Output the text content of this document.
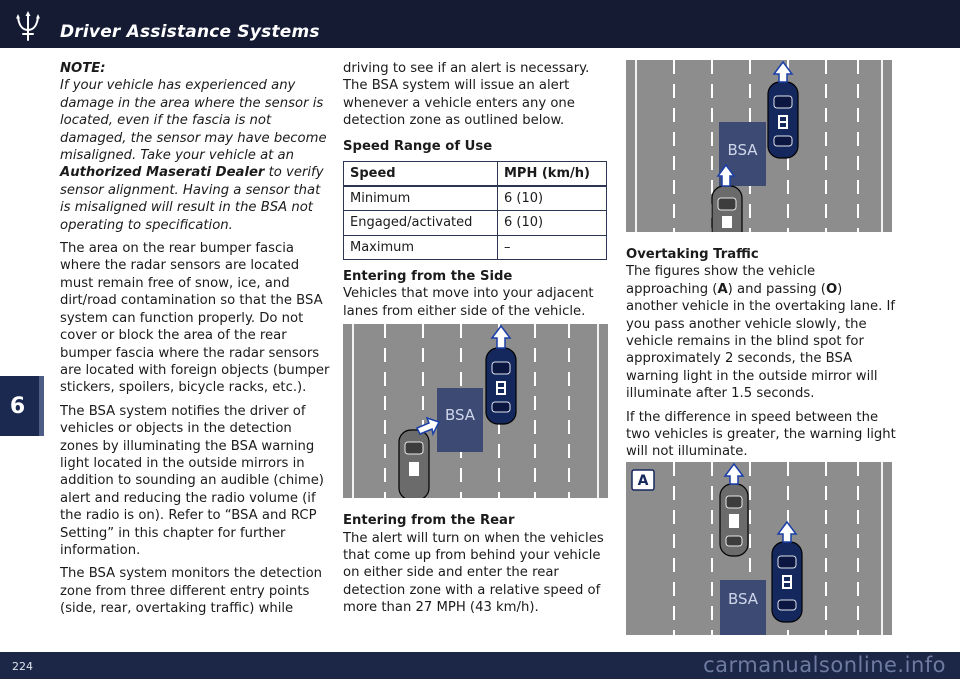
Driver Assistance Systems
6
NOTE:
If your vehicle has experienced any damage in the area where the sensor is located, even if the fascia is not damaged, the sensor may have become misaligned. Take your vehicle at an Authorized Maserati Dealer to verify sensor alignment. Having a sensor that is misaligned will result in the BSA not operating to specification.

The area on the rear bumper fascia where the radar sensors are located must remain free of snow, ice, and dirt/road contamination so that the BSA system can function properly. Do not cover or block the area of the rear bumper fascia where the radar sensors are located with foreign objects (bumper stickers, spoilers, bicycle racks, etc.).

The BSA system notifies the driver of vehicles or objects in the detection zones by illuminating the BSA warning light located in the outside mirrors in addition to sounding an audible (chime) alert and reducing the radio volume (if the radio is on). Refer to “BSA and RCP Setting” in this chapter for further information.

The BSA system monitors the detection zone from three different entry points (side, rear, overtaking traffic) while

driving to see if an alert is necessary. The BSA system will issue an alert whenever a vehicle enters any one detection zone as outlined below.

Speed Range of Use
Speed	MPH (km/h)
Minimum	6 (10)
Engaged/activated	6 (10)
Maximum	–
Entering from the Side

Vehicles that move into your adjacent lanes from either side of the vehicle.

Entering from the Rear

The alert will turn on when the vehicles that come up from behind your vehicle on either side and enter the rear detection zone with a relative speed of more than 27 MPH (43 km/h).

Overtaking Traffic

The figures show the vehicle approaching (A) and passing (O) another vehicle in the overtaking lane. If you pass another vehicle slowly, the vehicle remains in the blind spot for approximately 2 seconds, the BSA warning light in the outside mirror will illuminate after 1.5 seconds.

If the difference in speed between the two vehicles is greater, the warning light will not illuminate.

BSA
BSA
A
BSA
224	carmanualsonline.info
